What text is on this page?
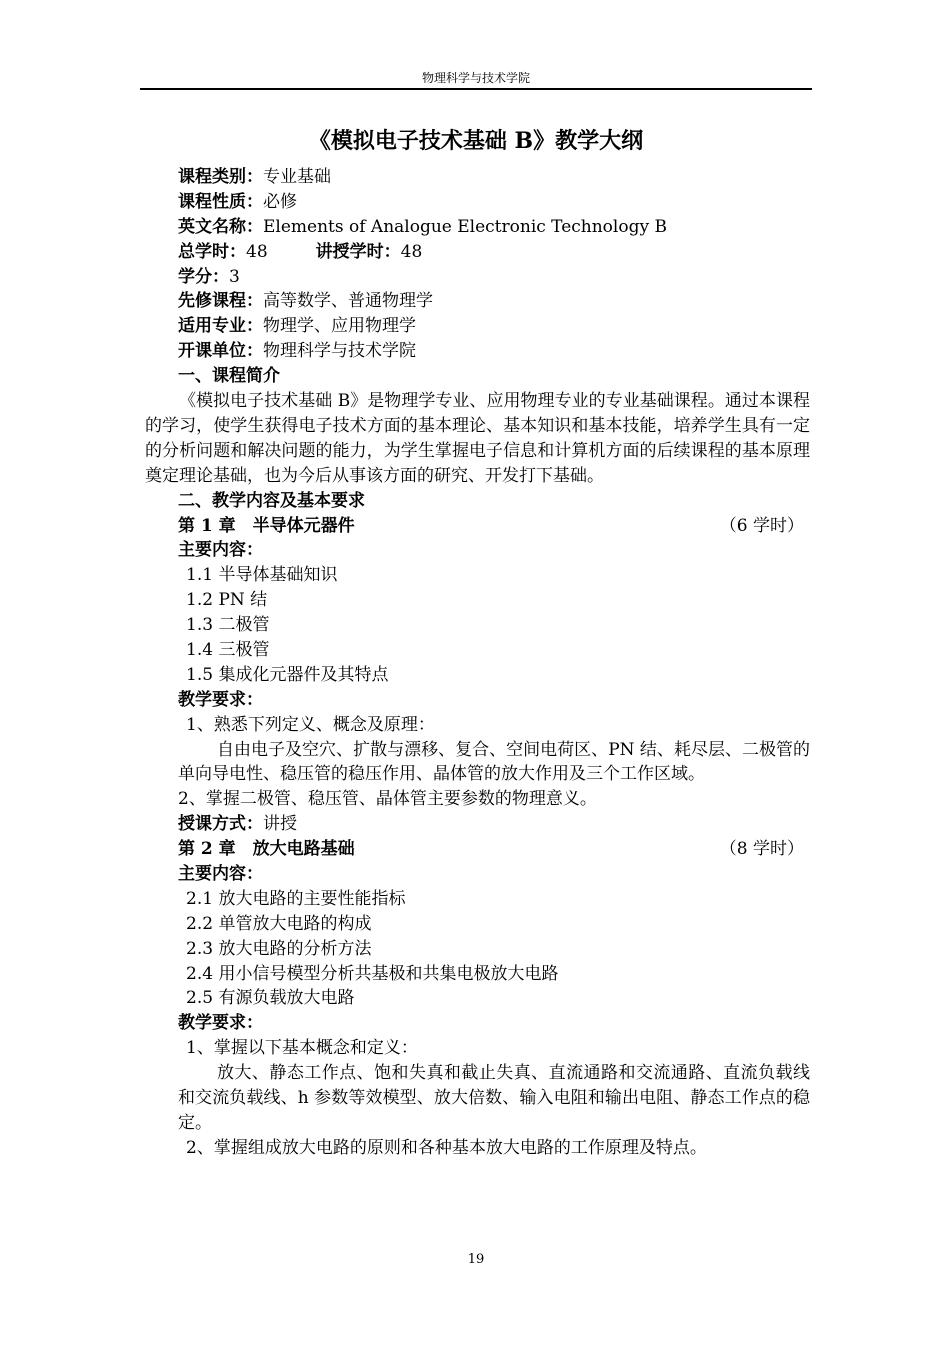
物理科学与技术学院
《模拟电子技术基础 B》教学大纲
课程类别：专业基础
课程性质：必修
英文名称：Elements of Analogue Electronic Technology B
总学时：48	讲授学时：48
学分：3
先修课程：高等数学、普通物理学
适用专业：物理学、应用物理学
开课单位：物理科学与技术学院
一、课程简介
《模拟电子技术基础 B》是物理学专业、应用物理专业的专业基础课程。通过本课程的学习，使学生获得电子技术方面的基本理论、基本知识和基本技能，培养学生具有一定的分析问题和解决问题的能力，为学生掌握电子信息和计算机方面的后续课程的基本原理奠定理论基础，也为今后从事该方面的研究、开发打下基础。
二、教学内容及基本要求
第 1 章　半导体元器件	（6 学时）
主要内容：
1.1 半导体基础知识
1.2 PN 结
1.3 二极管
1.4 三极管
1.5 集成化元器件及其特点
教学要求：
1、熟悉下列定义、概念及原理：
自由电子及空穴、扩散与漂移、复合、空间电荷区、PN 结、耗尽层、二极管的单向导电性、稳压管的稳压作用、晶体管的放大作用及三个工作区域。
2、掌握二极管、稳压管、晶体管主要参数的物理意义。
授课方式：讲授
第 2 章　放大电路基础	（8 学时）
主要内容：
2.1 放大电路的主要性能指标
2.2 单管放大电路的构成
2.3 放大电路的分析方法
2.4 用小信号模型分析共基极和共集电极放大电路
2.5 有源负载放大电路
教学要求：
1、掌握以下基本概念和定义：
放大、静态工作点、饱和失真和截止失真、直流通路和交流通路、直流负载线和交流负载线、h 参数等效模型、放大倍数、输入电阻和输出电阻、静态工作点的稳定。
2、掌握组成放大电路的原则和各种基本放大电路的工作原理及特点。
19
